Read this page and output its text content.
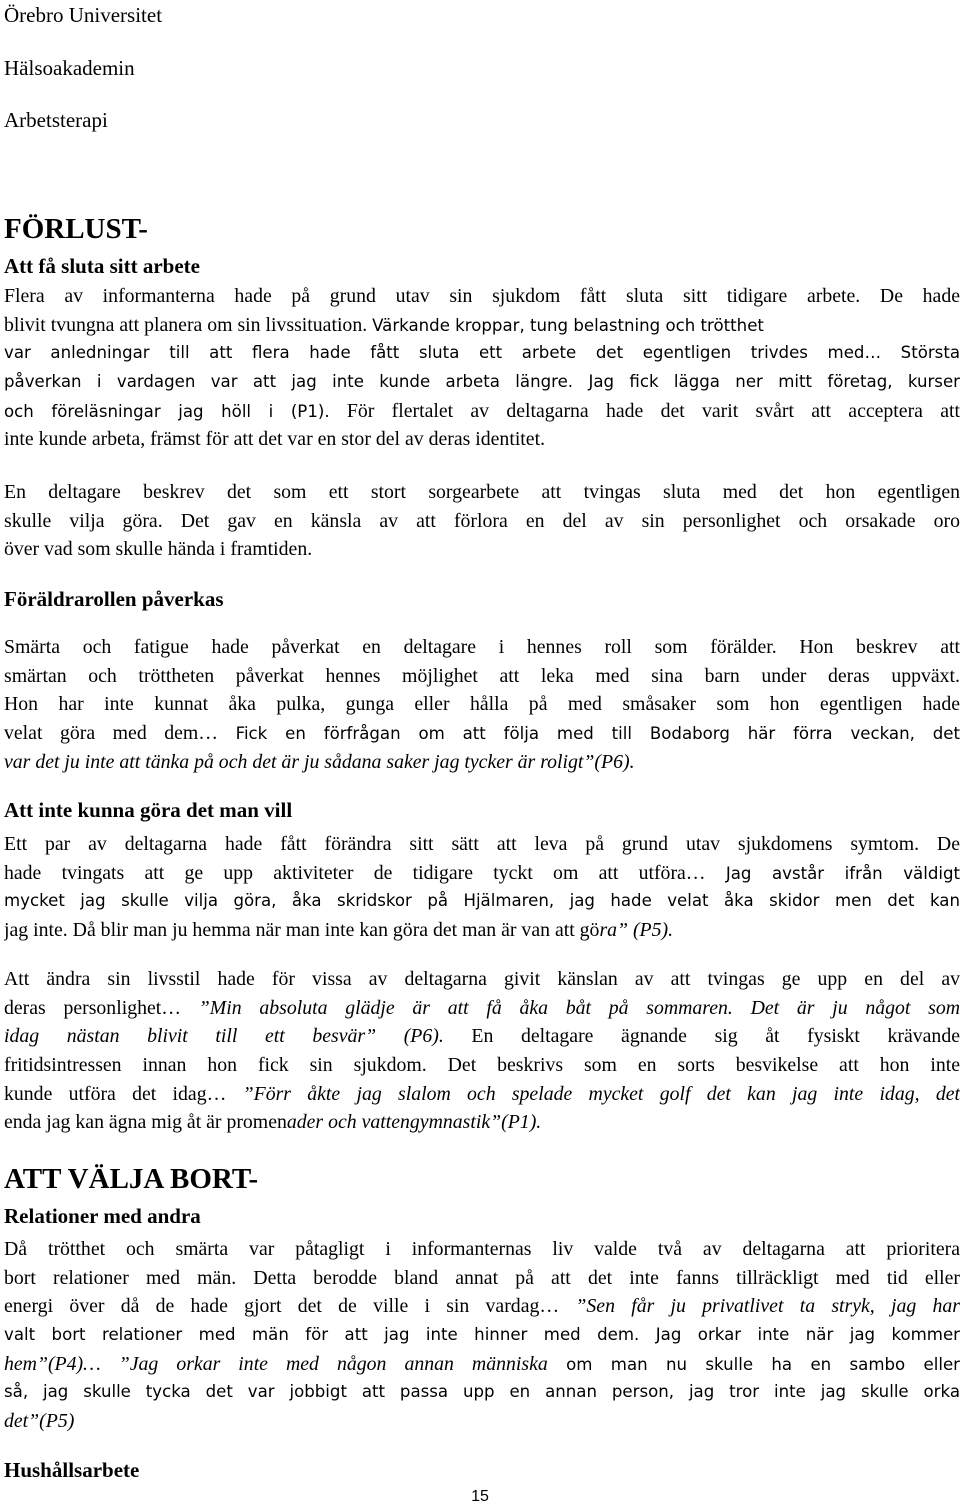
Örebro Universitet
Hälsoakademin
Arbetsterapi
FÖRLUST-
Att få sluta sitt arbete
Flera av informanterna hade på grund utav sin sjukdom fått sluta sitt tidigare arbete. De hade
blivit tvungna att planera om sin livssituation. Värkande kroppar, tung belastning och trötthet
var anledningar till att flera hade fått sluta ett arbete det egentligen trivdes med… Största
påverkan i vardagen var att jag inte kunde arbeta längre. Jag fick lägga ner mitt företag, kurser
och föreläsningar jag höll i (P1). För flertalet av deltagarna hade det varit svårt att acceptera att
inte kunde arbeta, främst för att det var en stor del av deras identitet.
En deltagare beskrev det som ett stort sorgearbete att tvingas sluta med det hon egentligen
skulle vilja göra. Det gav en känsla av att förlora en del av sin personlighet och orsakade oro
över vad som skulle hända i framtiden.
Föräldrarollen påverkas
Smärta och fatigue hade påverkat en deltagare i hennes roll som förälder. Hon beskrev att
smärtan och tröttheten påverkat hennes möjlighet att leka med sina barn under deras uppväxt.
Hon har inte kunnat åka pulka, gunga eller hålla på med småsaker som hon egentligen hade
velat göra med dem… Fick en förfrågan om att följa med till Bodaborg här förra veckan, det
var det ju inte att tänka på och det är ju sådana saker jag tycker är roligt”(P6).
Att inte kunna göra det man vill
Ett par av deltagarna hade fått förändra sitt sätt att leva på grund utav sjukdomens symtom. De
hade tvingats att ge upp aktiviteter de tidigare tyckt om att utföra… Jag avstår ifrån väldigt
mycket jag skulle vilja göra, åka skridskor på Hjälmaren, jag hade velat åka skidor men det kan
jag inte. Då blir man ju hemma när man inte kan göra det man är van att göra” (P5).
Att ändra sin livsstil hade för vissa av deltagarna givit känslan av att tvingas ge upp en del av
deras personlighet… ”Min absoluta glädje är att få åka båt på sommaren. Det är ju något som
idag nästan blivit till ett besvär” (P6). En deltagare ägnande sig åt fysiskt krävande
fritidsintressen innan hon fick sin sjukdom. Det beskrivs som en sorts besvikelse att hon inte
kunde utföra det idag… ”Förr åkte jag slalom och spelade mycket golf det kan jag inte idag, det
enda jag kan ägna mig åt är promenader och vattengymnastik”(P1).
ATT VÄLJA BORT-
Relationer med andra
Då trötthet och smärta var påtagligt i informanternas liv valde två av deltagarna att prioritera
bort relationer med män. Detta berodde bland annat på att det inte fanns tillräckligt med tid eller
energi över då de hade gjort det de ville i sin vardag… ”Sen får ju privatlivet ta stryk, jag har
valt bort relationer med män för att jag inte hinner med dem. Jag orkar inte när jag kommer
hem”(P4)… ”Jag orkar inte med någon annan människa om man nu skulle ha en sambo eller
så, jag skulle tycka det var jobbigt att passa upp en annan person, jag tror inte jag skulle orka
det”(P5)
Hushållsarbete
15
